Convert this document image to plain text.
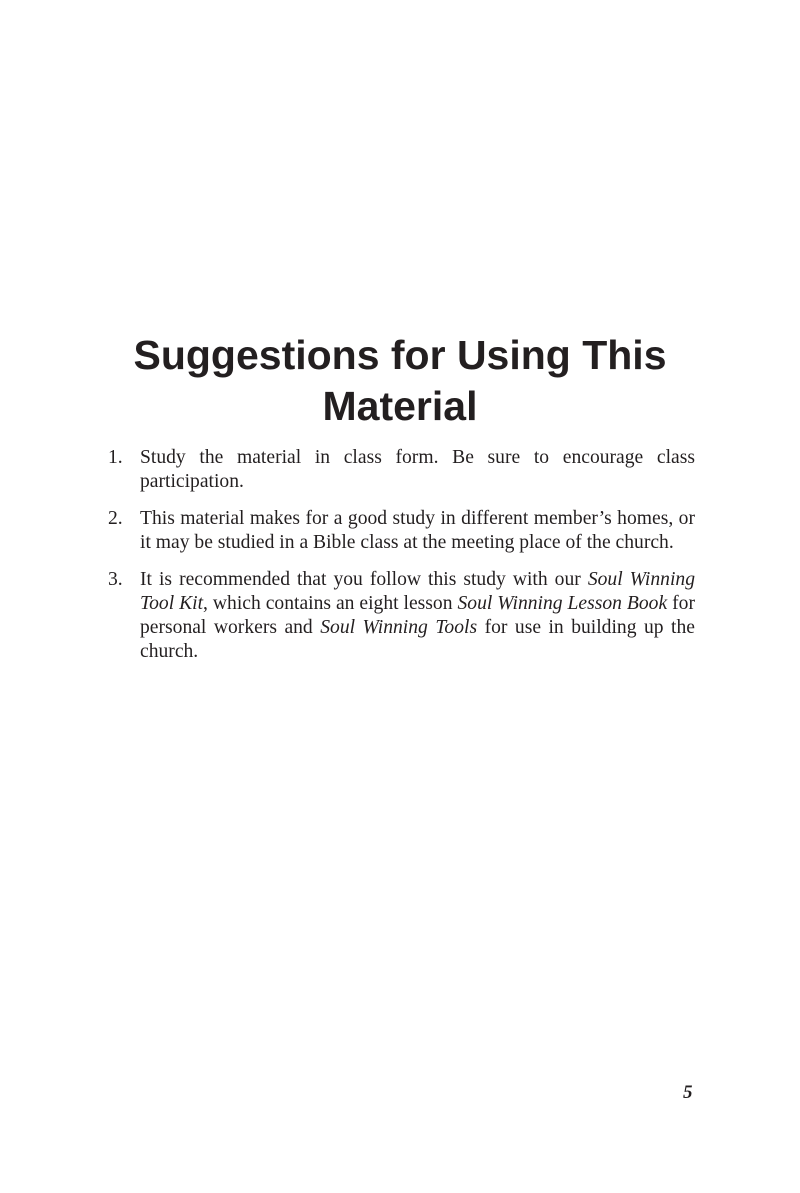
Suggestions for Using This
Material
1. Study the material in class form. Be sure to encourage class participation.
2. This material makes for a good study in different member’s homes, or it may be studied in a Bible class at the meeting place of the church.
3. It is recommended that you follow this study with our Soul Winning Tool Kit, which contains an eight lesson Soul Winning Lesson Book for personal workers and Soul Winning Tools for use in building up the church.
5
